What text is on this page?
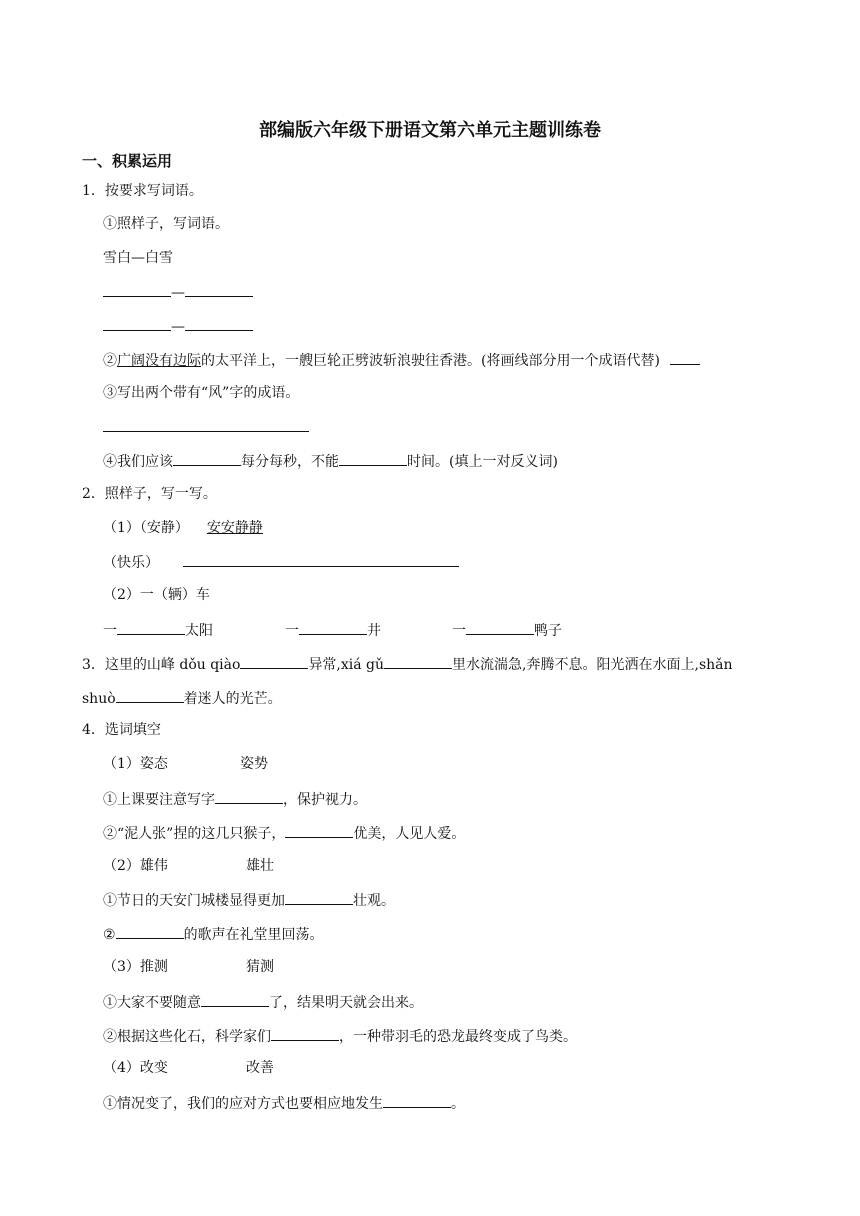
部编版六年级下册语文第六单元主题训练卷
一、积累运用
1．按要求写词语。
①照样子，写词语。
雪白—白雪
—
—
②广阔没有边际的太平洋上，一艘巨轮正劈波斩浪驶往香港。(将画线部分用一个成语代替)
③写出两个带有“风”字的成语。
④我们应该	每分每秒，不能	时间。(填上一对反义词)
2．照样子，写一写。
（1）（安静） 安安静静
（快乐）
（2）一（辆）车
一	太阳	一	井	一	鸭子
3．这里的山峰 dǒu qiào	异常,xiá gǔ	里水流湍急,奔腾不息。阳光洒在水面上,shǎn
shuò	着迷人的光芒。
4．选词填空
（1）姿态	姿势
①上课要注意写字	，保护视力。
②“泥人张”捏的这几只猴子，	优美，人见人爱。
（2）雄伟	雄壮
①节日的天安门城楼显得更加	壮观。
②	的歌声在礼堂里回荡。
（3）推测	猜测
①大家不要随意	了，结果明天就会出来。
②根据这些化石，科学家们	，一种带羽毛的恐龙最终变成了鸟类。
（4）改变	改善
①情况变了，我们的应对方式也要相应地发生	。
